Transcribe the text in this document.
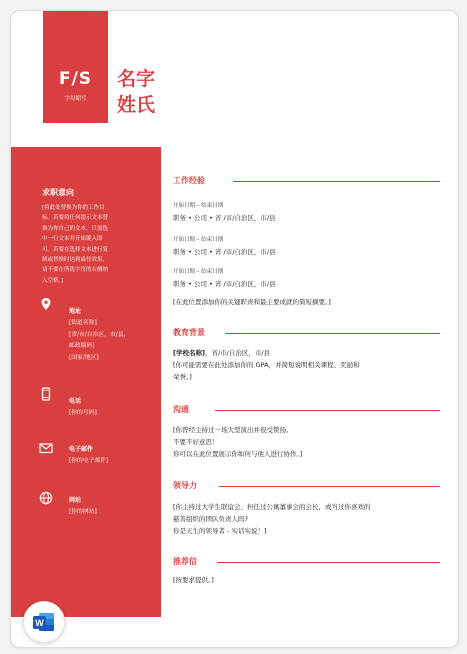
F/S
字母缩写
名字
姓氏
求职意向
[将此处替换为你的工作目
标。若要将任何提示文本替
换为你自己的文本，只需选
中一行文本并开始键入即
可。若要在选择文本进行复
制或替换时达到最佳效果，
请不要在所选字符的右侧纳
入空格。]
地址
[街道名称]
[省/市/自治区，市/县，
邮政编码]
[国家/地区]
电话
[你的号码]
电子邮件
[你的电子邮件]
网站
[你的网站]
工作经验
开始日期 – 结束日期
职务 • 公司 • 省 /市/自治区，市/县
开始日期 – 结束日期
职务 • 公司 • 省 /市/自治区，市/县
开始日期 – 结束日期
职务 • 公司 • 省 /市/自治区，市/县
[在此位置添加你的关键职责和最主要成就的简短摘要。]
教育背景
[学校名称]，省/市/自治区，市/县
[你可能需要在此处添加你的 GPA，并简短说明相关课程、奖励和
荣誉。]
沟通
[你曾经主持过一场大型演出并很受赞扬。
不要不好意思！
你可以在此位置展示你如何与他人进行协作。]
领导力
[你主持过大学生联谊会、担任过公寓董事会的会长，或当过你喜欢的
慈善组织的团队负责人吗?
你是天生的领导者 - 实话实说！]
推荐信
[按要求提供。]
W
